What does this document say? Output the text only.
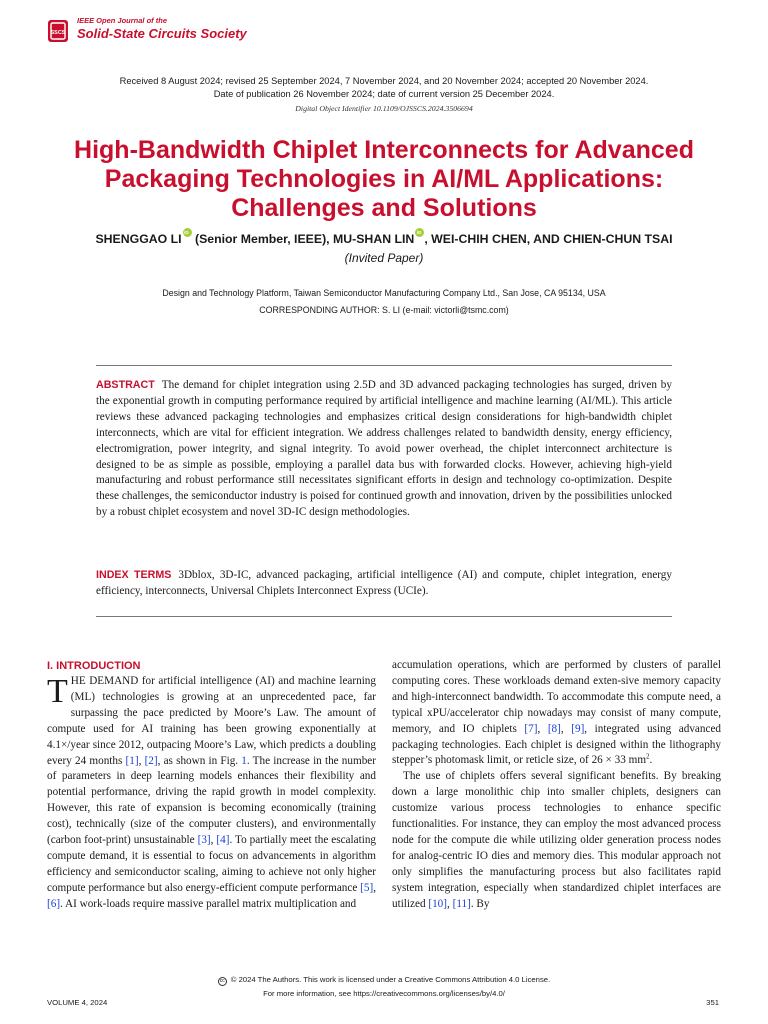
SSCS
IEEE Open Journal of the
Solid-State Circuits Society
Received 8 August 2024; revised 25 September 2024, 7 November 2024, and 20 November 2024; accepted 20 November 2024.
Date of publication 26 November 2024; date of current version 25 December 2024.
Digital Object Identifier 10.1109/OJSSCS.2024.3506694
High-Bandwidth Chiplet Interconnects for Advanced Packaging Technologies in AI/ML Applications: Challenges and Solutions
SHENGGAO LIiD (Senior Member, IEEE), MU-SHAN LINiD , WEI-CHIH CHEN, AND CHIEN-CHUN TSAI
(Invited Paper)
Design and Technology Platform, Taiwan Semiconductor Manufacturing Company Ltd., San Jose, CA 95134, USA
CORRESPONDING AUTHOR: S. LI (e-mail: victorli@tsmc.com)
ABSTRACT The demand for chiplet integration using 2.5D and 3D advanced packaging technologies has surged, driven by the exponential growth in computing performance required by artificial intelligence and machine learning (AI/ML). This article reviews these advanced packaging technologies and emphasizes critical design considerations for high-bandwidth chiplet interconnects, which are vital for efficient integration. We address challenges related to bandwidth density, energy efficiency, electromigration, power integrity, and signal integrity. To avoid power overhead, the chiplet interconnect architecture is designed to be as simple as possible, employing a parallel data bus with forwarded clocks. However, achieving high-yield manufacturing and robust performance still necessitates significant efforts in design and technology co-optimization. Despite these challenges, the semiconductor industry is poised for continued growth and innovation, driven by the possibilities unlocked by a robust chiplet ecosystem and novel 3D-IC design methodologies.
INDEX TERMS 3Dblox, 3D-IC, advanced packaging, artificial intelligence (AI) and compute, chiplet integration, energy efficiency, interconnects, Universal Chiplets Interconnect Express (UCIe).
I. INTRODUCTION

THE DEMAND for artificial intelligence (AI) and machine learning (ML) technologies is growing at an unprecedented pace, far surpassing the pace predicted by Moore’s Law. The amount of compute used for AI training has been growing exponentially at 4.1×/year since 2012, outpacing Moore’s Law, which predicts a doubling every 24 months [1], [2], as shown in Fig. 1. The increase in the number of parameters in deep learning models enhances their flexibility and potential performance, driving the rapid growth in model complexity. However, this rate of expansion is becoming economically (training cost), technically (size of the computer clusters), and environmentally (carbon foot-print) unsustainable [3], [4]. To partially meet the escalating compute demand, it is essential to focus on advancements in algorithm efficiency and semiconductor scaling, aiming to achieve not only higher compute performance but also energy-efficient compute performance [5], [6]. AI work-loads require massive parallel matrix multiplication and

accumulation operations, which are performed by clusters of parallel computing cores. These workloads demand exten-sive memory capacity and high-interconnect bandwidth. To accommodate this compute need, a typical xPU/accelerator chip nowadays may consist of many compute, memory, and IO chiplets [7], [8], [9], integrated using advanced packaging technologies. Each chiplet is designed within the lithography stepper’s photomask limit, or reticle size, of 26 × 33 $mm^2$.

The use of chiplets offers several significant benefits. By breaking down a large monolithic chip into smaller chiplets, designers can customize various process technologies to enhance specific functionalities. For instance, they can employ the most advanced process node for the compute die while utilizing older generation process nodes for analog-centric IO dies and memory dies. This modular approach not only simplifies the manufacturing process but also facilitates rapid system integration, especially when standardized chiplet interfaces are utilized [10], [11]. By

cc © 2024 The Authors. This work is licensed under a Creative Commons Attribution 4.0 License.
For more information, see https://creativecommons.org/licenses/by/4.0/
VOLUME 4, 2024	351
